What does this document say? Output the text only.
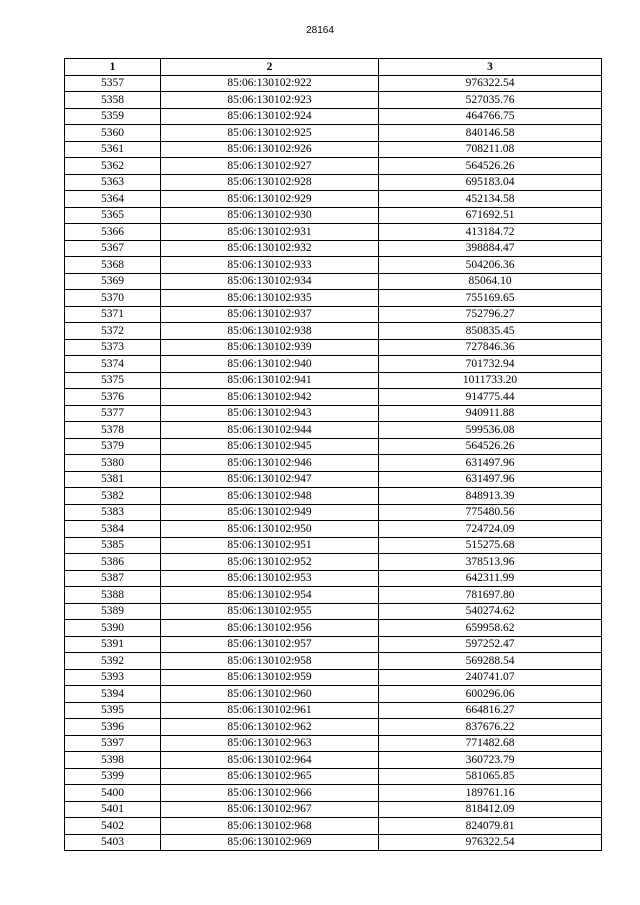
28164
1	2	3
5357	85:06:130102:922	976322.54
5358	85:06:130102:923	527035.76
5359	85:06:130102:924	464766.75
5360	85:06:130102:925	840146.58
5361	85:06:130102:926	708211.08
5362	85:06:130102:927	564526.26
5363	85:06:130102:928	695183.04
5364	85:06:130102:929	452134.58
5365	85:06:130102:930	671692.51
5366	85:06:130102:931	413184.72
5367	85:06:130102:932	398884.47
5368	85:06:130102:933	504206.36
5369	85:06:130102:934	85064.10
5370	85:06:130102:935	755169.65
5371	85:06:130102:937	752796.27
5372	85:06:130102:938	850835.45
5373	85:06:130102:939	727846.36
5374	85:06:130102:940	701732.94
5375	85:06:130102:941	1011733.20
5376	85:06:130102:942	914775.44
5377	85:06:130102:943	940911.88
5378	85:06:130102:944	599536.08
5379	85:06:130102:945	564526.26
5380	85:06:130102:946	631497.96
5381	85:06:130102:947	631497.96
5382	85:06:130102:948	848913.39
5383	85:06:130102:949	775480.56
5384	85:06:130102:950	724724.09
5385	85:06:130102:951	515275.68
5386	85:06:130102:952	378513.96
5387	85:06:130102:953	642311.99
5388	85:06:130102:954	781697.80
5389	85:06:130102:955	540274.62
5390	85:06:130102:956	659958.62
5391	85:06:130102:957	597252.47
5392	85:06:130102:958	569288.54
5393	85:06:130102:959	240741.07
5394	85:06:130102:960	600296.06
5395	85:06:130102:961	664816.27
5396	85:06:130102:962	837676.22
5397	85:06:130102:963	771482.68
5398	85:06:130102:964	360723.79
5399	85:06:130102:965	581065.85
5400	85:06:130102:966	189761.16
5401	85:06:130102:967	818412.09
5402	85:06:130102:968	824079.81
5403	85:06:130102:969	976322.54
